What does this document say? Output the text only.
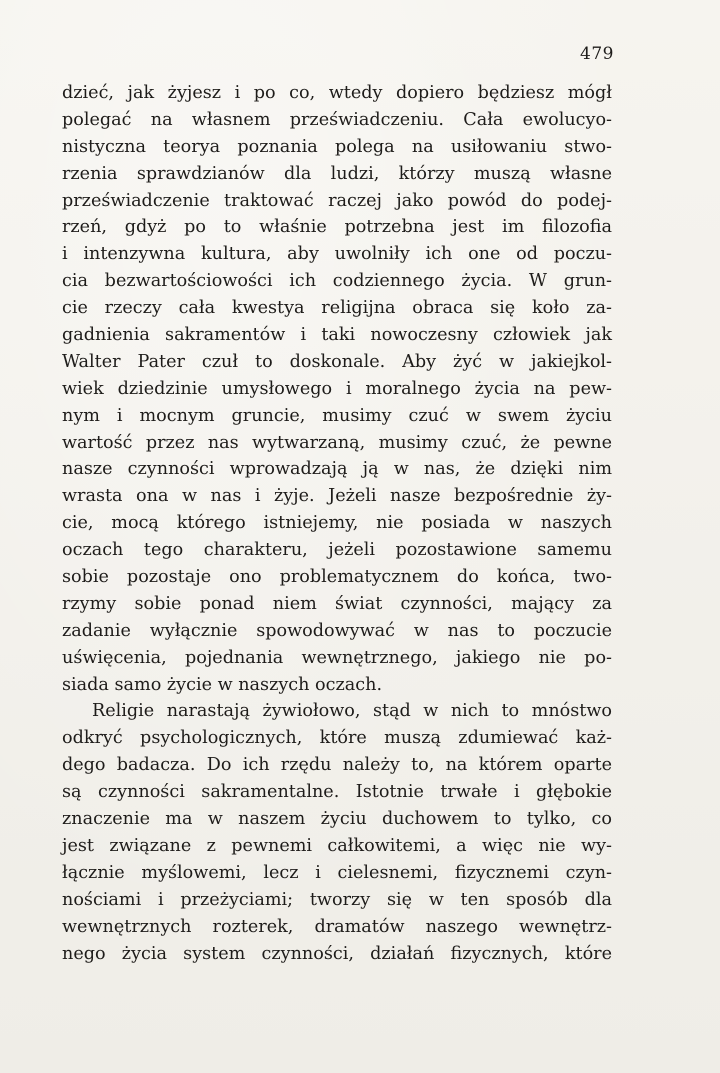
479
dzieć, jak żyjesz i po co, wtedy dopiero będziesz mógł
polegać na własnem przeświadczeniu. Cała ewolucyo-
nistyczna teorya poznania polega na usiłowaniu stwo-
rzenia sprawdzianów dla ludzi, którzy muszą własne
przeświadczenie traktować raczej jako powód do podej-
rzeń, gdyż po to właśnie potrzebna jest im filozofia
i intenzywna kultura, aby uwolniły ich one od poczu-
cia bezwartościowości ich codziennego życia. W grun-
cie rzeczy cała kwestya religijna obraca się koło za-
gadnienia sakramentów i taki nowoczesny człowiek jak
Walter Pater czuł to doskonale. Aby żyć w jakiejkol-
wiek dziedzinie umysłowego i moralnego życia na pew-
nym i mocnym gruncie, musimy czuć w swem życiu
wartość przez nas wytwarzaną, musimy czuć, że pewne
nasze czynności wprowadzają ją w nas, że dzięki nim
wrasta ona w nas i żyje. Jeżeli nasze bezpośrednie ży-
cie, mocą którego istniejemy, nie posiada w naszych
oczach tego charakteru, jeżeli pozostawione samemu
sobie pozostaje ono problematycznem do końca, two-
rzymy sobie ponad niem świat czynności, mający za
zadanie wyłącznie spowodowywać w nas to poczucie
uświęcenia, pojednania wewnętrznego, jakiego nie po-
siada samo życie w naszych oczach.
Religie narastają żywiołowo, stąd w nich to mnóstwo
odkryć psychologicznych, które muszą zdumiewać każ-
dego badacza. Do ich rzędu należy to, na którem oparte
są czynności sakramentalne. Istotnie trwałe i głębokie
znaczenie ma w naszem życiu duchowem to tylko, co
jest związane z pewnemi całkowitemi, a więc nie wy-
łącznie myślowemi, lecz i cielesnemi, fizycznemi czyn-
nościami i przeżyciami; tworzy się w ten sposób dla
wewnętrznych rozterek, dramatów naszego wewnętrz-
nego życia system czynności, działań fizycznych, które
